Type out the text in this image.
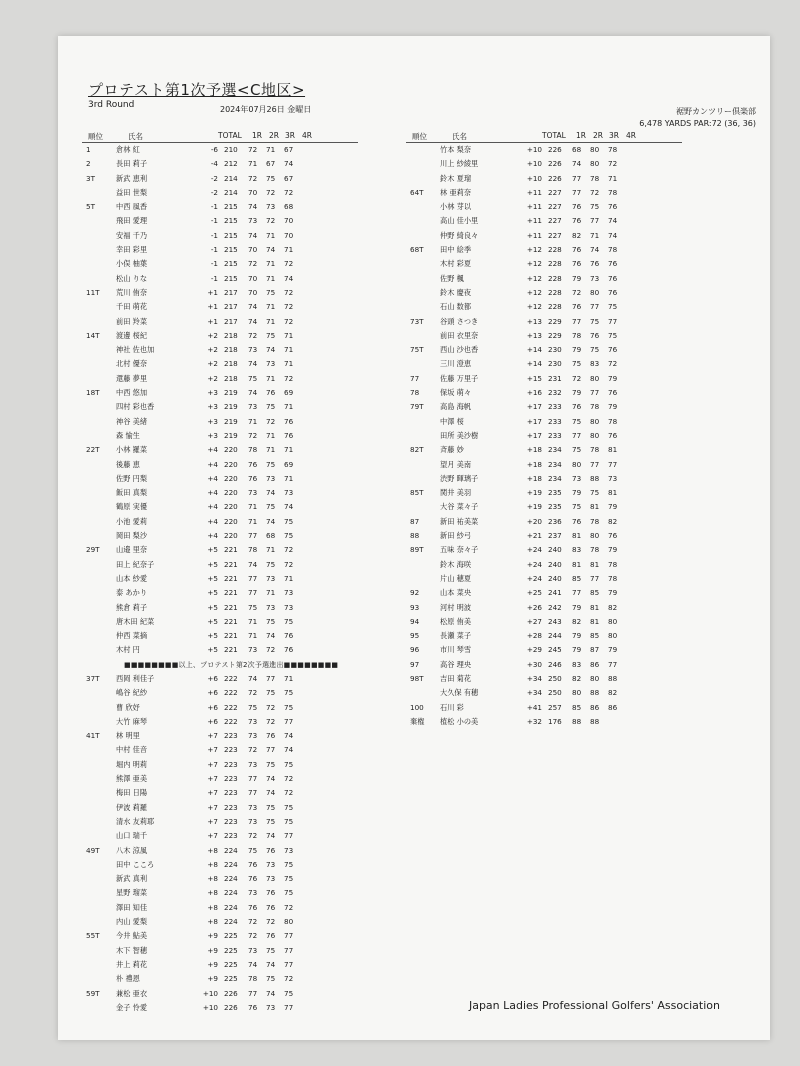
プロテスト第1次予選<C地区>
3rd Round	2024年07月26日 金曜日	裾野カンツリー倶楽部
6,478 YARDS PAR:72 (36, 36)
順位	氏名	TOTAL 1R 2R 3R 4R
1	倉林 紅	-6 210 72 71 67
2	長田 莉子	-4 212 71 67 74
3T	新武 恵利	-2 214 72 75 67
益田 世梨	-2 214 70 72 72
5T	中西 風香	-1 215 74 73 68
飛田 愛理	-1 215 73 72 70
安福 千乃	-1 215 74 71 70
幸田 彩里	-1 215 70 74 71
小俣 柚葉	-1 215 72 71 72
松山 りな	-1 215 70 71 74
11T 荒川 侑奈	+1 217 70 75 72
千田 萌花	+1 217 74 71 72
前田 羚菜	+1 217 74 71 72
14T 渡邊 桜紀	+2 218 72 75 71
神社 佐也加	+2 218 73 74 71
北村 優奈	+2 218 74 73 71
還藤 夢里	+2 218 75 71 72
18T 中西 悠加	+3 219 74 76 69
四村 彩也香	+3 219 73 75 71
神谷 美緒	+3 219 71 72 76
森 愉生	+3 219 72 71 76
22T 小林 羅菜	+4 220 78 71 71
後藤 恵	+4 220 76 75 69
佐野 円梨	+4 220 76 73 71
飯田 真梨	+4 220 73 74 73
鶴原 実優	+4 220 71 75 74
小池 愛莉	+4 220 71 74 75
岡田 梨沙	+4 220 77 68 75
29T 山邉 里奈	+5 221 78 71 72
田上 紀奈子	+5 221 74 75 72
山本 紗愛	+5 221 77 73 71
泰 あかり	+5 221 77 71 73
熊倉 莉子	+5 221 75 73 73
唐木田 紀菜	+5 221 71 75 75
仲西 菜摘	+5 221 71 74 76
木村 円	+5 221 73 72 76
■■■■■■■■以上、プロテスト第2次予選進出■■■■■■■■
37T 西岡 利佳子	+6 222 74 77 71
嶋谷 紀紗	+6 222 72 75 75
曹 欣妤	+6 222 75 72 75
大竹 麻琴	+6 222 73 72 77
41T 林 明里	+7 223 73 76 74
中村 佳音	+7 223 72 77 74
堀内 明莉	+7 223 73 75 75
熊澤 亜美	+7 223 77 74 72
梅田 日陽	+7 223 77 74 72
伊波 莉羅	+7 223 73 75 75
清水 友莉耶	+7 223 73 75 75
山口 瑞千	+7 223 72 74 77
49T 八木 涼風	+8 224 75 76 73
田中 こころ	+8 224 76 73 75
新武 真利	+8 224 76 73 75
星野 瑠菜	+8 224 73 76 75
澤田 知佳	+8 224 76 76 72
内山 愛梨	+8 224 72 72 80
55T 今井 鮎美	+9 225 72 76 77
木下 智穂	+9 225 73 75 77
井上 莉花	+9 225 74 74 77
朴 禮恩	+9 225 78 75 72
59T 兼松 亜衣	+10 226 77 74 75
金子 怜愛	+10 226 76 73 77
順位	氏名	TOTAL 1R 2R 3R 4R
竹本 梨奈	+10 226 68 80 78
川上 紗綾里	+10 226 74 80 72
鈴木 夏瑠	+10 226 77 78 71
64T 林 亜莉奈	+11 227 77 72 78
小林 芽以	+11 227 76 75 76
高山 佳小里	+11 227 76 77 74
仲野 綺良々	+11 227 82 71 74
68T 田中 絵季	+12 228 76 74 78
木村 彩夏	+12 228 76 76 76
佐野 楓	+12 228 79 73 76
鈴木 慶夜	+12 228 72 80 76
石山 数都	+12 228 76 77 75
73T 谷頭 さつき	+13 229 77 75 77
前田 衣里奈	+13 229 78 76 75
75T 西山 沙也香	+14 230 79 75 76
三川 澄恵	+14 230 75 83 72
77	佐藤 万里子	+15 231 72 80 79
78	保坂 萌々	+16 232 79 77 76
79T 高島 海帆	+17 233 76 78 79
中澤 桜	+17 233 75 80 78
田所 美沙樹	+17 233 77 80 76
82T 斉藤 妙	+18 234 75 78 81
望月 美南	+18 234 80 77 77
渋野 暉璃子	+18 234 73 88 73
85T 関井 美羽	+19 235 79 75 81
大谷 菜々子	+19 235 75 81 79
87	新田 祐美菜	+20 236 76 78 82
88	新田 紗弓	+21 237 81 80 76
89T 五味 奈々子	+24 240 83 78 79
鈴木 海咲	+24 240 81 81 78
片山 穂夏	+24 240 85 77 78
92	山本 菜央	+25 241 77 85 79
93	河村 明波	+26 242 79 81 82
94	松原 侑美	+27 243 82 81 80
95	長瀬 菜子	+28 244 79 85 80
96	市川 琴雪	+29 245 79 87 79
97	高谷 理央	+30 246 83 86 77
98T 吉田 菊花	+34 250 82 80 88
大久保 有穂	+34 250 80 88 82
100 石川 彩	+41 257 85 86 86
棄権 植松 小の美	+32 176 88 88
Japan Ladies Professional Golfers' Association
